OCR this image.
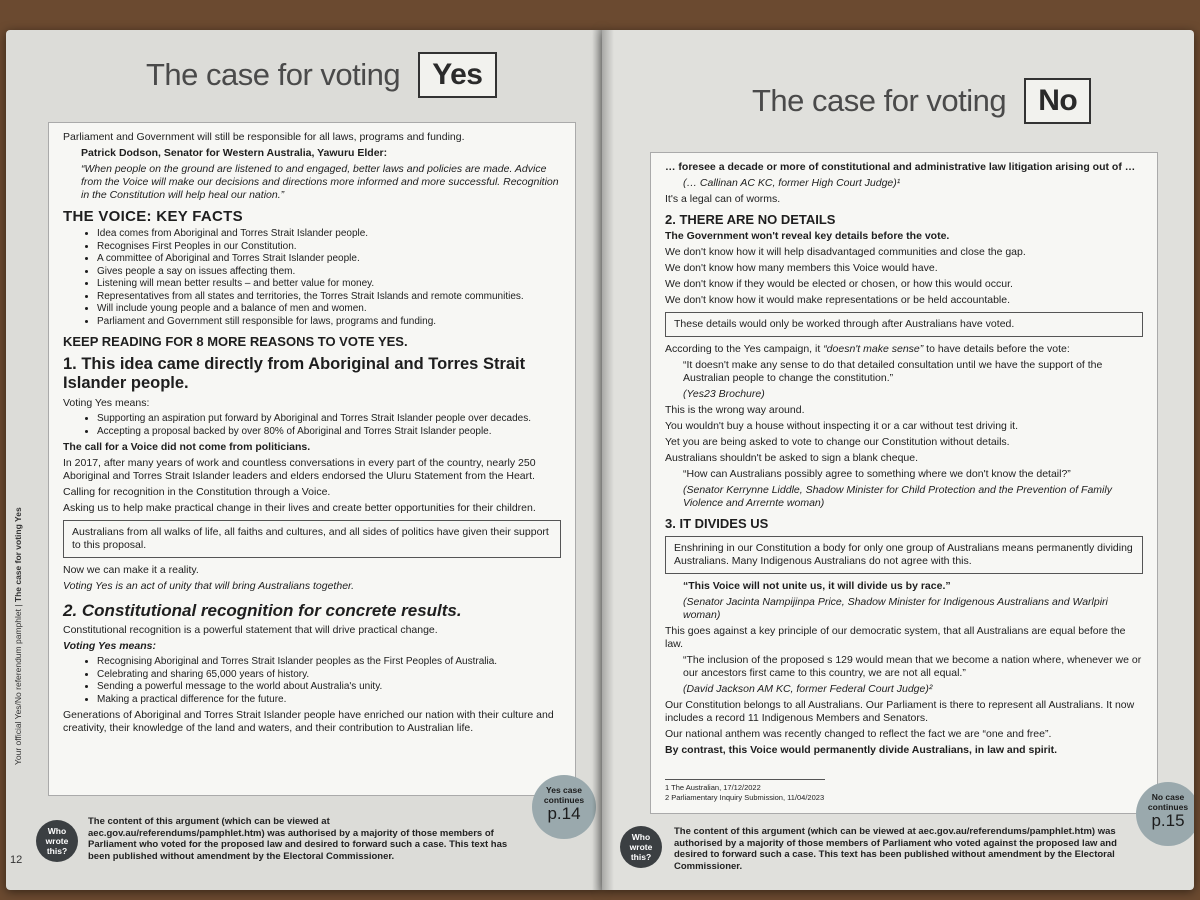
The case for voting Yes

Parliament and Government will still be responsible for all laws, programs and funding.

Patrick Dodson, Senator for Western Australia, Yawuru Elder:

“When people on the ground are listened to and engaged, better laws and policies are made. Advice from the Voice will make our decisions and directions more informed and more successful. Recognition in the Constitution will help heal our nation.”

THE VOICE: KEY FACTS
• Idea comes from Aboriginal and Torres Strait Islander people.
• Recognises First Peoples in our Constitution.
• A committee of Aboriginal and Torres Strait Islander people.
• Gives people a say on issues affecting them.
• Listening will mean better results – and better value for money.
• Representatives from all states and territories, the Torres Strait Islands and remote communities.
• Will include young people and a balance of men and women.
• Parliament and Government still responsible for laws, programs and funding.
KEEP READING FOR 8 MORE REASONS TO VOTE YES.
1. This idea came directly from Aboriginal and Torres Strait Islander people.

Voting Yes means:

• Supporting an aspiration put forward by Aboriginal and Torres Strait Islander people over decades.
• Accepting a proposal backed by over 80% of Aboriginal and Torres Strait Islander people.

The call for a Voice did not come from politicians.

In 2017, after many years of work and countless conversations in every part of the country, nearly 250 Aboriginal and Torres Strait Islander leaders and elders endorsed the Uluru Statement from the Heart.

Calling for recognition in the Constitution through a Voice.

Asking us to help make practical change in their lives and create better opportunities for their children.

Australians from all walks of life, all faiths and cultures, and all sides of politics have given their support to this proposal.

Now we can make it a reality.

Voting Yes is an act of unity that will bring Australians together.

2. Constitutional recognition for concrete results.

Constitutional recognition is a powerful statement that will drive practical change.

Voting Yes means:

• Recognising Aboriginal and Torres Strait Islander peoples as the First Peoples of Australia.
• Celebrating and sharing 65,000 years of history.
• Sending a powerful message to the world about Australia's unity.
• Making a practical difference for the future.

Generations of Aboriginal and Torres Strait Islander people have enriched our nation with their culture and creativity, their knowledge of the land and waters, and their contribution to Australian life.

Yes case continues
p.14
Who wrote this?
The content of this argument (which can be viewed at aec.gov.au/referendums/pamphlet.htm) was authorised by a majority of those members of Parliament who voted for the proposed law and desired to forward such a case. This text has been published without amendment by the Electoral Commissioner.
12
Your official Yes/No referendum pamphlet | The case for voting Yes
The case for voting No

… foresee a decade or more of constitutional and administrative law litigation arising out of …

(… Callinan AC KC, former High Court Judge)¹

It's a legal can of worms.

2. THERE ARE NO DETAILS

The Government won't reveal key details before the vote.

We don't know how it will help disadvantaged communities and close the gap.

We don't know how many members this Voice would have.

We don't know if they would be elected or chosen, or how this would occur.

We don't know how it would make representations or be held accountable.

These details would only be worked through after Australians have voted.

According to the Yes campaign, it “doesn't make sense” to have details before the vote:

“It doesn't make any sense to do that detailed consultation until we have the support of the Australian people to change the constitution.”

(Yes23 Brochure)

This is the wrong way around.

You wouldn't buy a house without inspecting it or a car without test driving it.

Yet you are being asked to vote to change our Constitution without details.

Australians shouldn't be asked to sign a blank cheque.

“How can Australians possibly agree to something where we don't know the detail?”

(Senator Kerrynne Liddle, Shadow Minister for Child Protection and the Prevention of Family Violence and Arrernte woman)

3. IT DIVIDES US
Enshrining in our Constitution a body for only one group of Australians means permanently dividing Australians. Many Indigenous Australians do not agree with this.

“This Voice will not unite us, it will divide us by race.”

(Senator Jacinta Nampijinpa Price, Shadow Minister for Indigenous Australians and Warlpiri woman)

This goes against a key principle of our democratic system, that all Australians are equal before the law.

“The inclusion of the proposed s 129 would mean that we become a nation where, whenever we or our ancestors first came to this country, we are not all equal.”

(David Jackson AM KC, former Federal Court Judge)²

Our Constitution belongs to all Australians. Our Parliament is there to represent all Australians. It now includes a record 11 Indigenous Members and Senators.

Our national anthem was recently changed to reflect the fact we are “one and free”.

By contrast, this Voice would permanently divide Australians, in law and spirit.

1 The Australian, 17/12/2022
2 Parliamentary Inquiry Submission, 11/04/2023	No case continues
p.15
Who wrote this?
The content of this argument (which can be viewed at aec.gov.au/referendums/pamphlet.htm) was authorised by a majority of those members of Parliament who voted against the proposed law and desired to forward such a case. This text has been published without amendment by the Electoral Commissioner.
